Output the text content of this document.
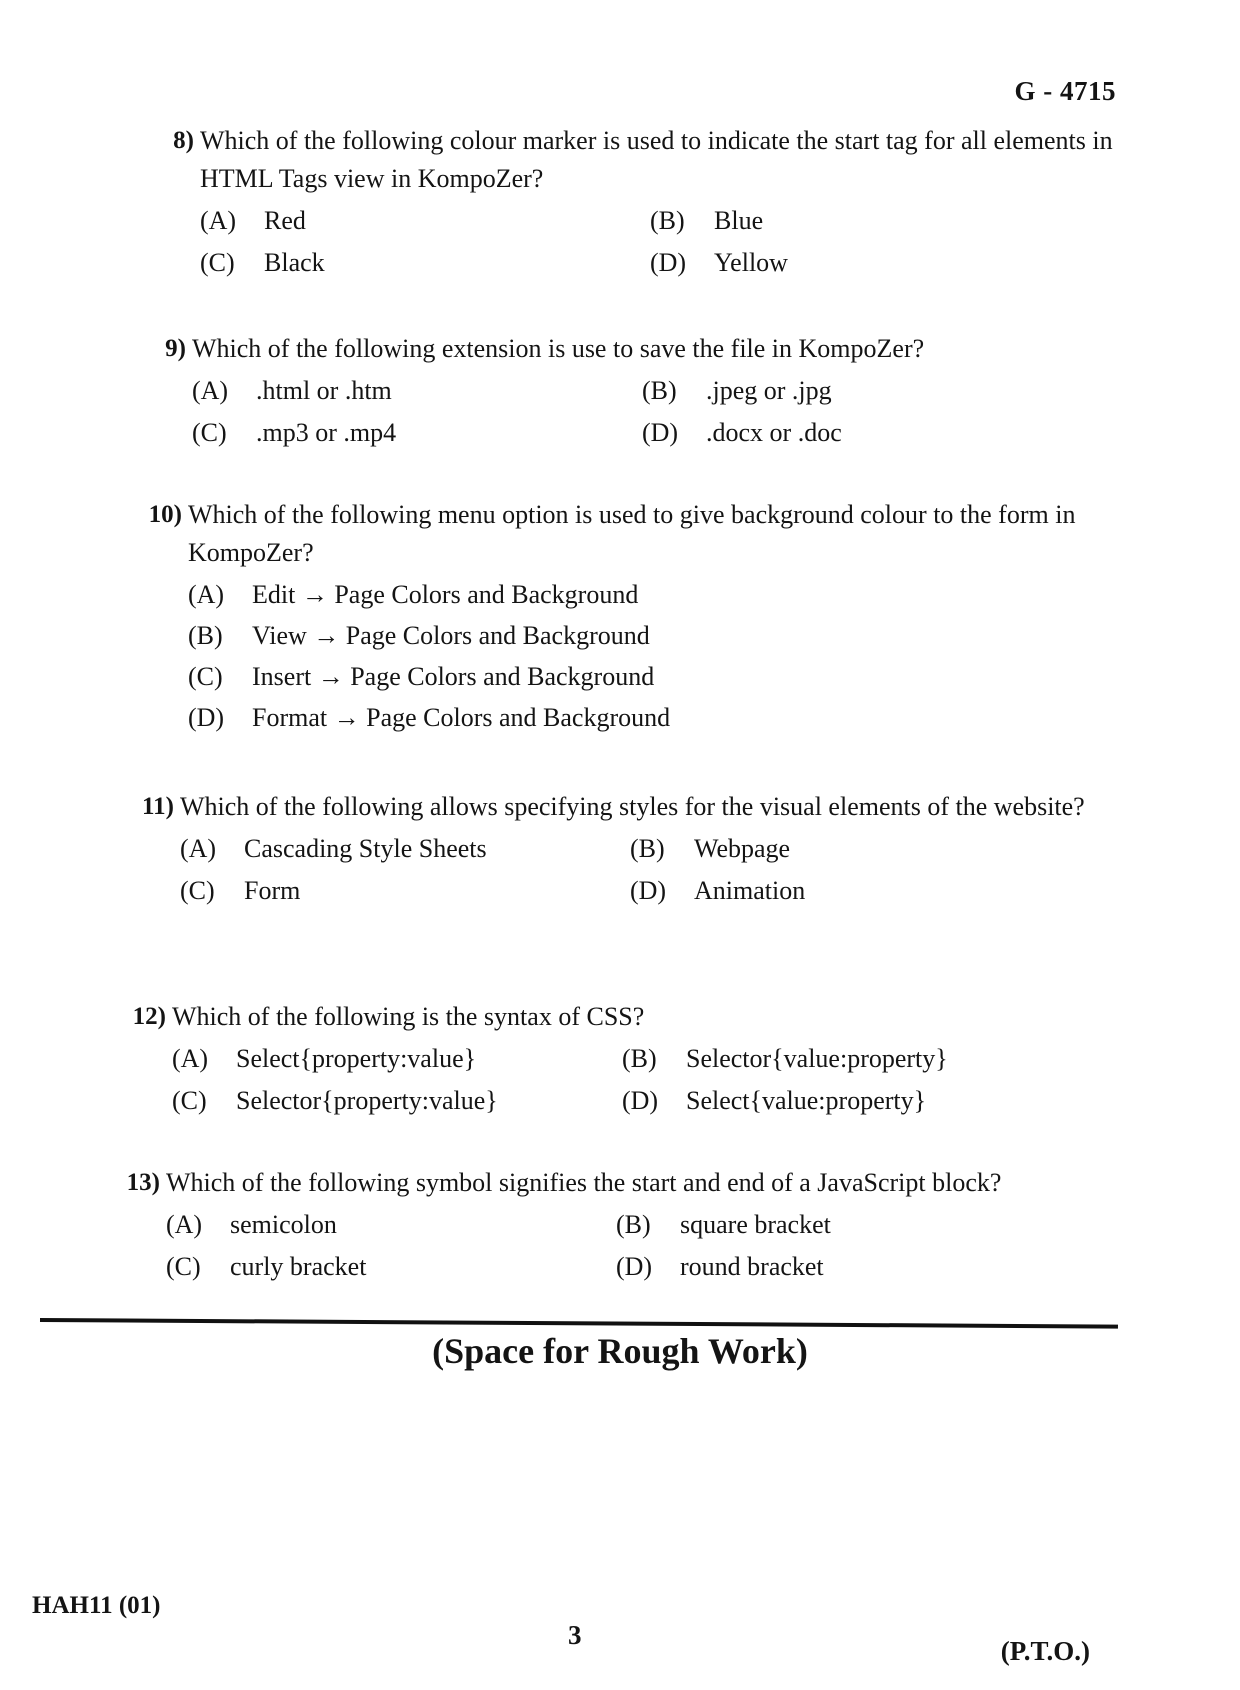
G - 4715
8) Which of the following colour marker is used to indicate the start tag for all elements in HTML Tags view in KompoZer?
(A) Red	(B) Blue
(C) Black	(D) Yellow
9) Which of the following extension is use to save the file in KompoZer?
(A) .html or .htm	(B) .jpeg or .jpg
(C) .mp3 or .mp4	(D) .docx or .doc
10) Which of the following menu option is used to give background colour to the form in KompoZer?
(A) Edit → Page Colors and Background
(B) View → Page Colors and Background
(C) Insert → Page Colors and Background
(D) Format → Page Colors and Background
11) Which of the following allows specifying styles for the visual elements of the website?
(A) Cascading Style Sheets	(B) Webpage
(C) Form	(D) Animation
12) Which of the following is the syntax of CSS?
(A) Select{property:value}	(B) Selector{value:property}
(C) Selector{property:value}	(D) Select{value:property}
13) Which of the following symbol signifies the start and end of a JavaScript block?
(A) semicolon	(B) square bracket
(C) curly bracket	(D) round bracket
(Space for Rough Work)
HAH11 (01)
3
(P.T.O.)
